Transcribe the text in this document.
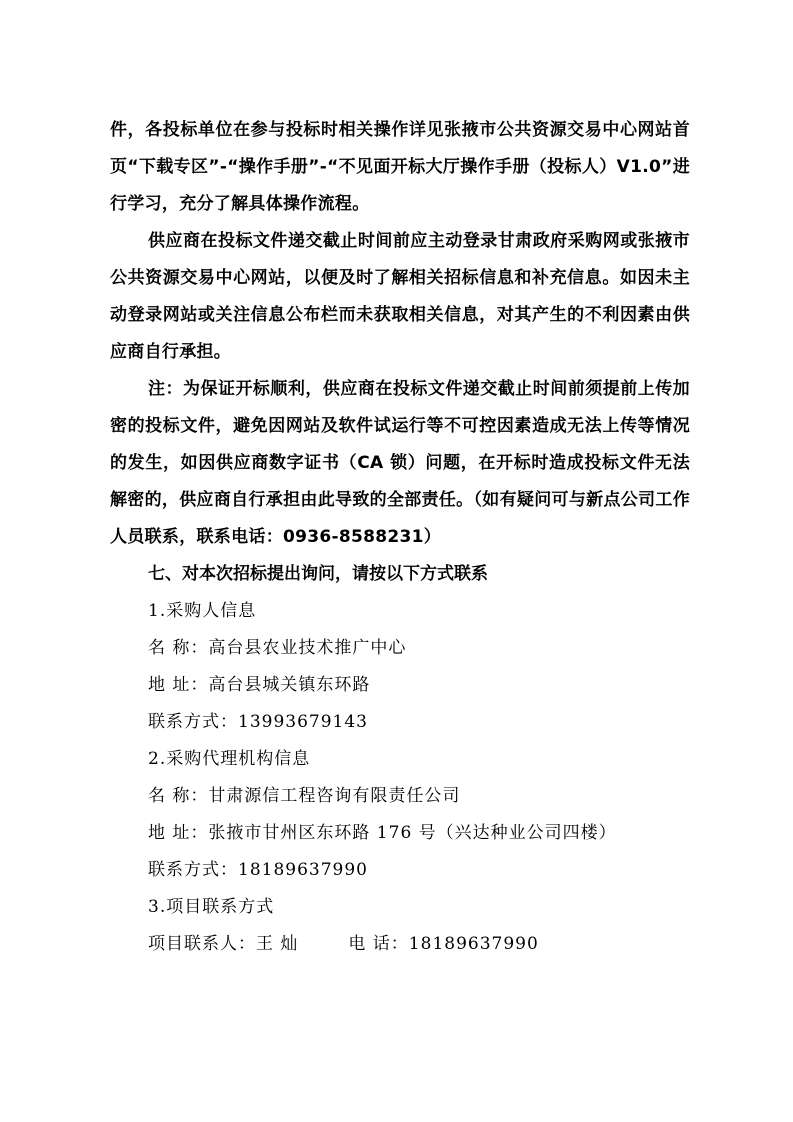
件，各投标单位在参与投标时相关操作详见张掖市公共资源交易中心网站首页“下载专区”-“操作手册”-“不见面开标大厅操作手册（投标人）V1.0”进行学习，充分了解具体操作流程。

供应商在投标文件递交截止时间前应主动登录甘肃政府采购网或张掖市公共资源交易中心网站，以便及时了解相关招标信息和补充信息。如因未主动登录网站或关注信息公布栏而未获取相关信息，对其产生的不利因素由供应商自行承担。

注：为保证开标顺利，供应商在投标文件递交截止时间前须提前上传加密的投标文件，避免因网站及软件试运行等不可控因素造成无法上传等情况的发生，如因供应商数字证书（CA 锁）问题，在开标时造成投标文件无法解密的，供应商自行承担由此导致的全部责任。（如有疑问可与新点公司工作人员联系，联系电话：0936-8588231）

七、对本次招标提出询问，请按以下方式联系
1.采购人信息
名 称：高台县农业技术推广中心
地 址：高台县城关镇东环路
联系方式：13993679143
2.采购代理机构信息
名 称：甘肃源信工程咨询有限责任公司
地 址：张掖市甘州区东环路 176 号（兴达种业公司四楼）
联系方式：18189637990
3.项目联系方式
项目联系人：王 灿	电 话：18189637990
